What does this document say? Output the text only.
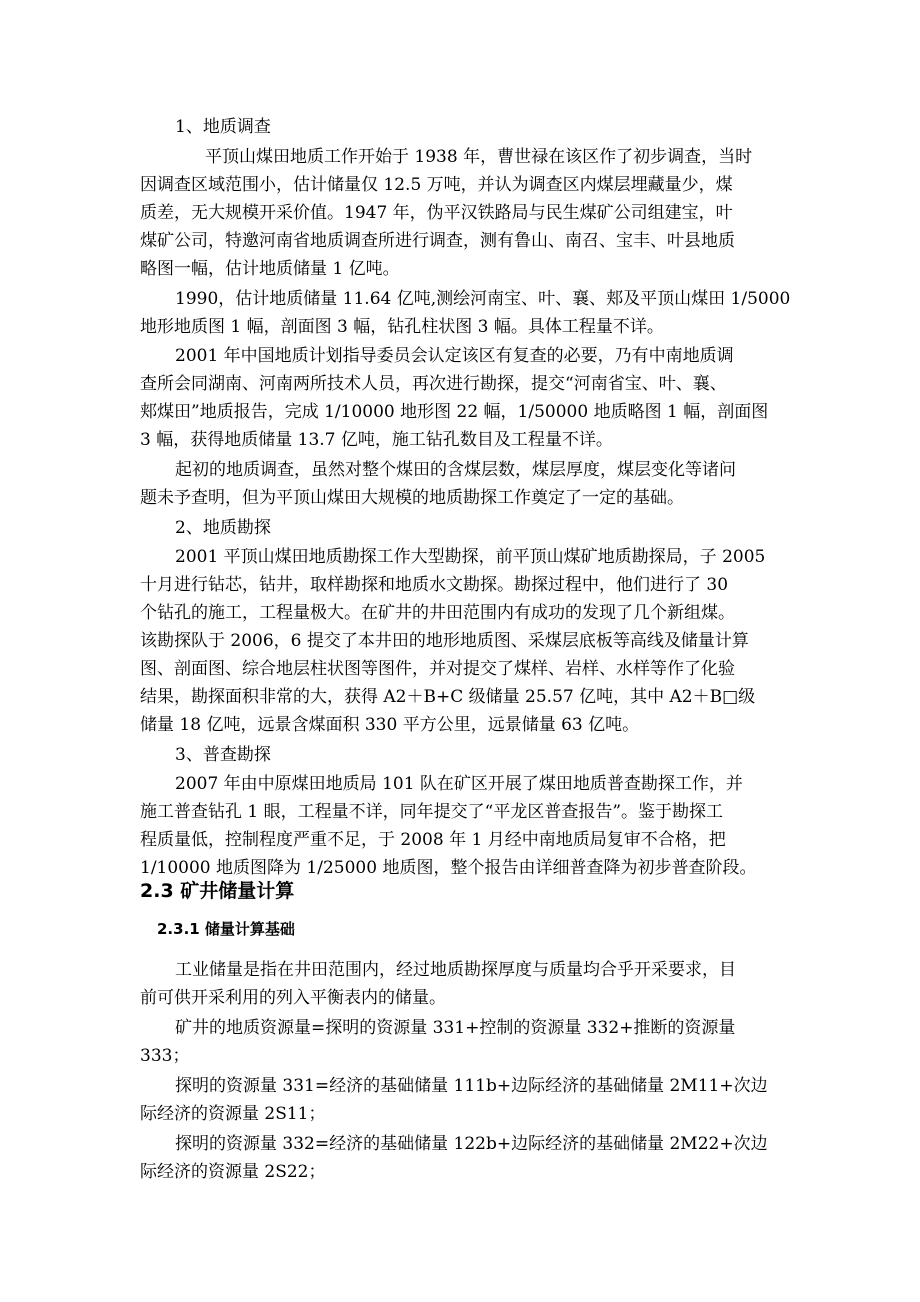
1、地质调查
平顶山煤田地质工作开始于 1938 年，曹世禄在该区作了初步调查，当时
因调查区域范围小，估计储量仅 12.5 万吨，并认为调查区内煤层埋藏量少，煤
质差，无大规模开采价值。1947 年，伪平汉铁路局与民生煤矿公司组建宝，叶
煤矿公司，特邀河南省地质调查所进行调查，测有鲁山、南召、宝丰、叶县地质
略图一幅，估计地质储量 1 亿吨。
1990，估计地质储量 11.64 亿吨,测绘河南宝、叶、襄、郏及平顶山煤田 1/5000
地形地质图 1 幅，剖面图 3 幅，钻孔柱状图 3 幅。具体工程量不详。
2001 年中国地质计划指导委员会认定该区有复查的必要，乃有中南地质调
查所会同湖南、河南两所技术人员，再次进行勘探，提交“河南省宝、叶、襄、
郏煤田”地质报告，完成 1/10000 地形图 22 幅，1/50000 地质略图 1 幅，剖面图
3 幅，获得地质储量 13.7 亿吨，施工钻孔数目及工程量不详。
起初的地质调查，虽然对整个煤田的含煤层数，煤层厚度，煤层变化等诸问
题未予查明，但为平顶山煤田大规模的地质勘探工作奠定了一定的基础。
2、地质勘探
2001 平顶山煤田地质勘探工作大型勘探，前平顶山煤矿地质勘探局，子 2005
十月进行钻芯，钻井，取样勘探和地质水文勘探。勘探过程中，他们进行了 30
个钻孔的施工，工程量极大。在矿井的井田范围内有成功的发现了几个新组煤。
该勘探队于 2006，6 提交了本井田的地形地质图、采煤层底板等高线及储量计算
图、剖面图、综合地层柱状图等图件，并对提交了煤样、岩样、水样等作了化验
结果，勘探面积非常的大，获得 A2＋B+C 级储量 25.57 亿吨，其中 A2＋B□级
储量 18 亿吨，远景含煤面积 330 平方公里，远景储量 63 亿吨。
3、普查勘探
2007 年由中原煤田地质局 101 队在矿区开展了煤田地质普查勘探工作，并
施工普查钻孔 1 眼，工程量不详，同年提交了“平龙区普查报告”。鉴于勘探工
程质量低，控制程度严重不足，于 2008 年 1 月经中南地质局复审不合格，把
1/10000 地质图降为 1/25000 地质图，整个报告由详细普查降为初步普查阶段。
2.3 矿井储量计算
2.3.1 储量计算基础
工业储量是指在井田范围内，经过地质勘探厚度与质量均合乎开采要求，目
前可供开采利用的列入平衡表内的储量。
矿井的地质资源量=探明的资源量 331+控制的资源量 332+推断的资源量
333；
探明的资源量 331=经济的基础储量 111b+边际经济的基础储量 2M11+次边
际经济的资源量 2S11；
探明的资源量 332=经济的基础储量 122b+边际经济的基础储量 2M22+次边
际经济的资源量 2S22；
